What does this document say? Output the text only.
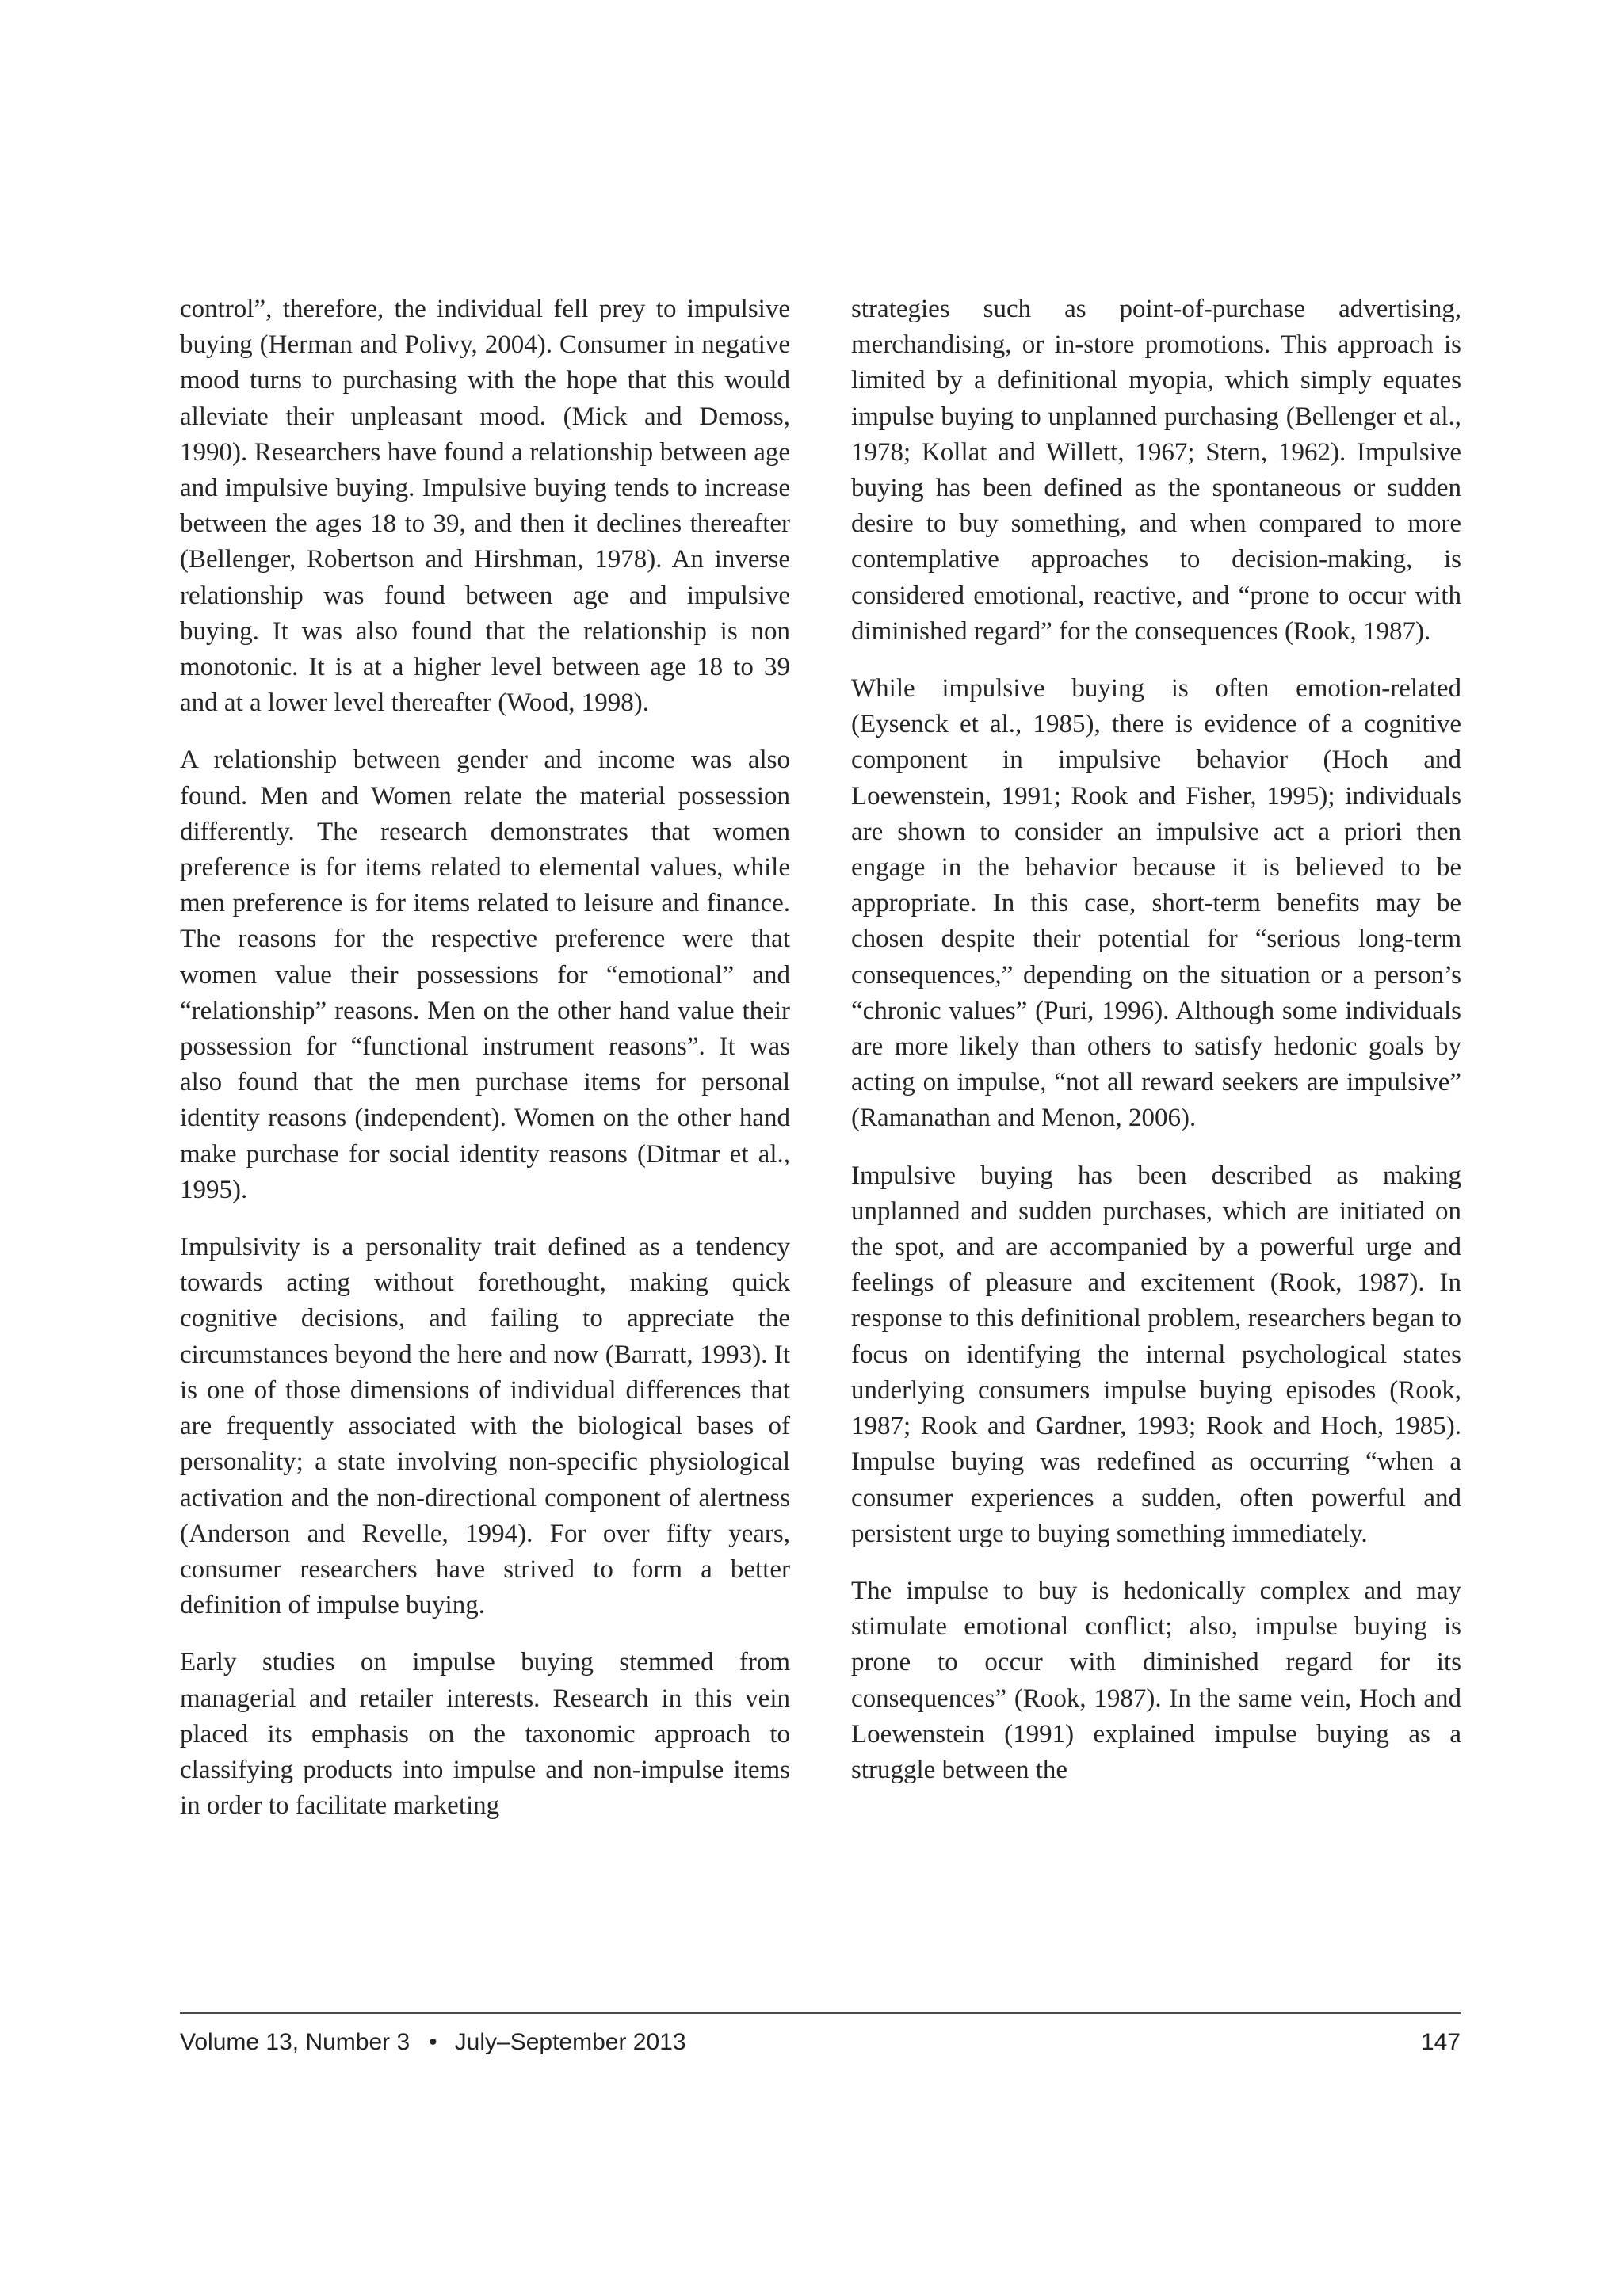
control”, therefore, the individual fell prey to impulsive buying (Herman and Polivy, 2004). Consumer in negative mood turns to purchasing with the hope that this would alleviate their unpleasant mood. (Mick and Demoss, 1990). Researchers have found a relationship between age and impulsive buying. Impulsive buying tends to increase between the ages 18 to 39, and then it declines thereafter (Bellenger, Robertson and Hirshman, 1978). An inverse relationship was found between age and impulsive buying. It was also found that the relationship is non monotonic. It is at a higher level between age 18 to 39 and at a lower level thereafter (Wood, 1998).

A relationship between gender and income was also found. Men and Women relate the material possession differently. The research demonstrates that women preference is for items related to elemental values, while men preference is for items related to leisure and finance. The reasons for the respective preference were that women value their possessions for “emotional” and “relationship” reasons. Men on the other hand value their possession for “functional instrument reasons”. It was also found that the men purchase items for personal identity reasons (independent). Women on the other hand make purchase for social identity reasons (Ditmar et al., 1995).

Impulsivity is a personality trait defined as a tendency towards acting without forethought, making quick cognitive decisions, and failing to appreciate the circumstances beyond the here and now (Barratt, 1993). It is one of those dimensions of individual differences that are frequently associated with the biological bases of personality; a state involving non-specific physiological activation and the non-directional component of alertness (Anderson and Revelle, 1994). For over fifty years, consumer researchers have strived to form a better definition of impulse buying.

Early studies on impulse buying stemmed from managerial and retailer interests. Research in this vein placed its emphasis on the taxonomic approach to classifying products into impulse and non-impulse items in order to facilitate marketing

strategies such as point-of-purchase advertising, merchandising, or in-store promotions. This approach is limited by a definitional myopia, which simply equates impulse buying to unplanned purchasing (Bellenger et al., 1978; Kollat and Willett, 1967; Stern, 1962). Impulsive buying has been defined as the spontaneous or sudden desire to buy something, and when compared to more contemplative approaches to decision-making, is considered emotional, reactive, and “prone to occur with diminished regard” for the consequences (Rook, 1987).

While impulsive buying is often emotion-related (Eysenck et al., 1985), there is evidence of a cognitive component in impulsive behavior (Hoch and Loewenstein, 1991; Rook and Fisher, 1995); individuals are shown to consider an impulsive act a priori then engage in the behavior because it is believed to be appropriate. In this case, short-term benefits may be chosen despite their potential for “serious long-term consequences,” depending on the situation or a person’s “chronic values” (Puri, 1996). Although some individuals are more likely than others to satisfy hedonic goals by acting on impulse, “not all reward seekers are impulsive” (Ramanathan and Menon, 2006).

Impulsive buying has been described as making unplanned and sudden purchases, which are initiated on the spot, and are accompanied by a powerful urge and feelings of pleasure and excitement (Rook, 1987). In response to this definitional problem, researchers began to focus on identifying the internal psychological states underlying consumers impulse buying episodes (Rook, 1987; Rook and Gardner, 1993; Rook and Hoch, 1985). Impulse buying was redefined as occurring “when a consumer experiences a sudden, often powerful and persistent urge to buying something immediately.

The impulse to buy is hedonically complex and may stimulate emotional conflict; also, impulse buying is prone to occur with diminished regard for its consequences” (Rook, 1987). In the same vein, Hoch and Loewenstein (1991) explained impulse buying as a struggle between the

Volume 13, Number 3 • July–September 2013	147
